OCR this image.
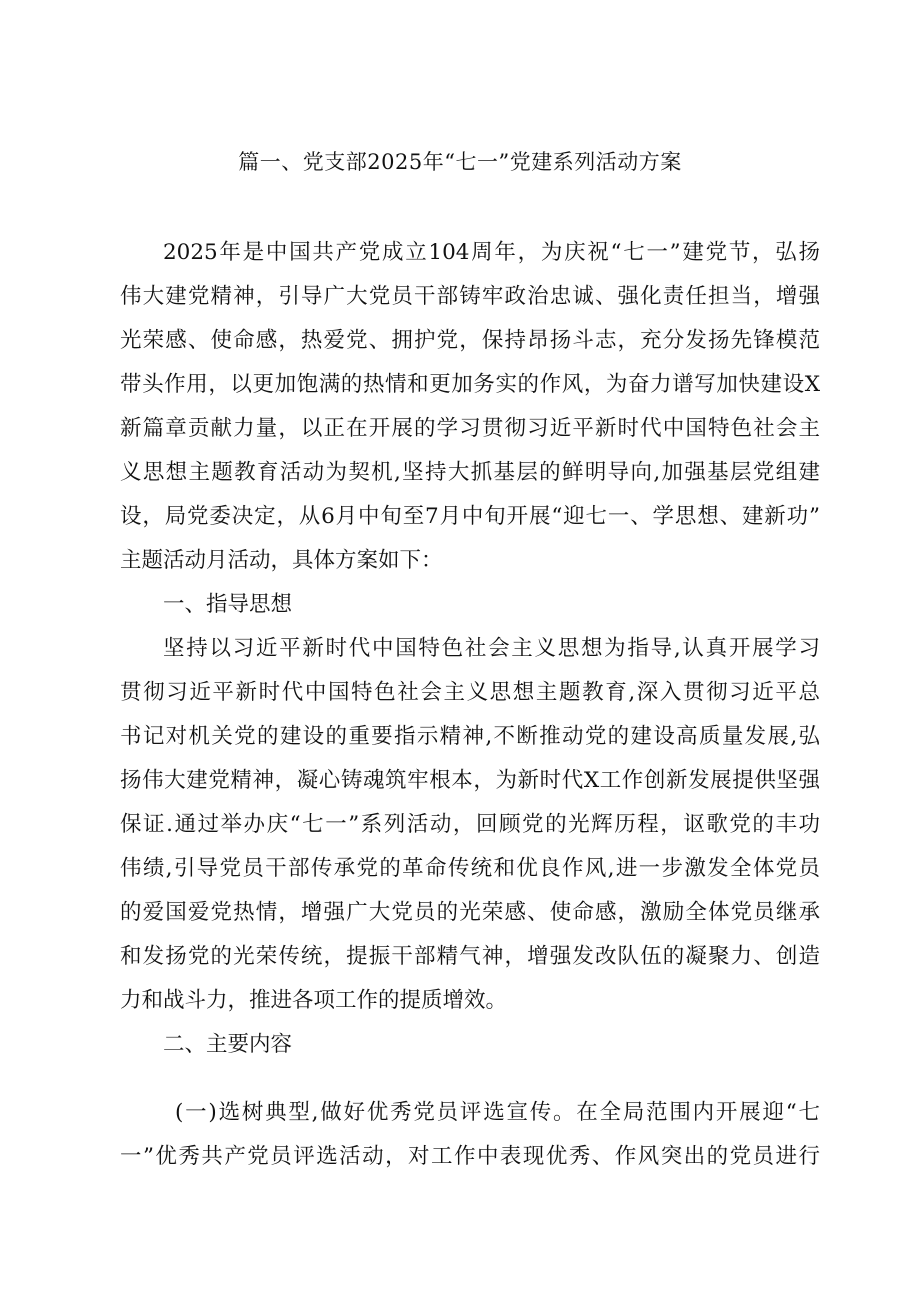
篇一、党支部2025年“七一”党建系列活动方案
2025年是中国共产党成立104周年，为庆祝“七一”建党节，弘扬
伟大建党精神，引导广大党员干部铸牢政治忠诚、强化责任担当，增强
光荣感、使命感，热爱党、拥护党，保持昂扬斗志，充分发扬先锋模范
带头作用，以更加饱满的热情和更加务实的作风，为奋力谱写加快建设X
新篇章贡献力量，以正在开展的学习贯彻习近平新时代中国特色社会主
义思想主题教育活动为契机,坚持大抓基层的鲜明导向,加强基层党组建
设，局党委决定，从6月中旬至7月中旬开展“迎七一、学思想、建新功”
主题活动月活动，具体方案如下：
一、指导思想
坚持以习近平新时代中国特色社会主义思想为指导,认真开展学习
贯彻习近平新时代中国特色社会主义思想主题教育,深入贯彻习近平总
书记对机关党的建设的重要指示精神,不断推动党的建设高质量发展,弘
扬伟大建党精神，凝心铸魂筑牢根本，为新时代X工作创新发展提供坚强
保证.通过举办庆“七一”系列活动，回顾党的光辉历程，讴歌党的丰功
伟绩,引导党员干部传承党的革命传统和优良作风,进一步激发全体党员
的爱国爱党热情，增强广大党员的光荣感、使命感，激励全体党员继承
和发扬党的光荣传统，提振干部精气神，增强发改队伍的凝聚力、创造
力和战斗力，推进各项工作的提质增效。
二、主要内容
(一)选树典型,做好优秀党员评选宣传。在全局范围内开展迎“七
一”优秀共产党员评选活动，对工作中表现优秀、作风突出的党员进行
